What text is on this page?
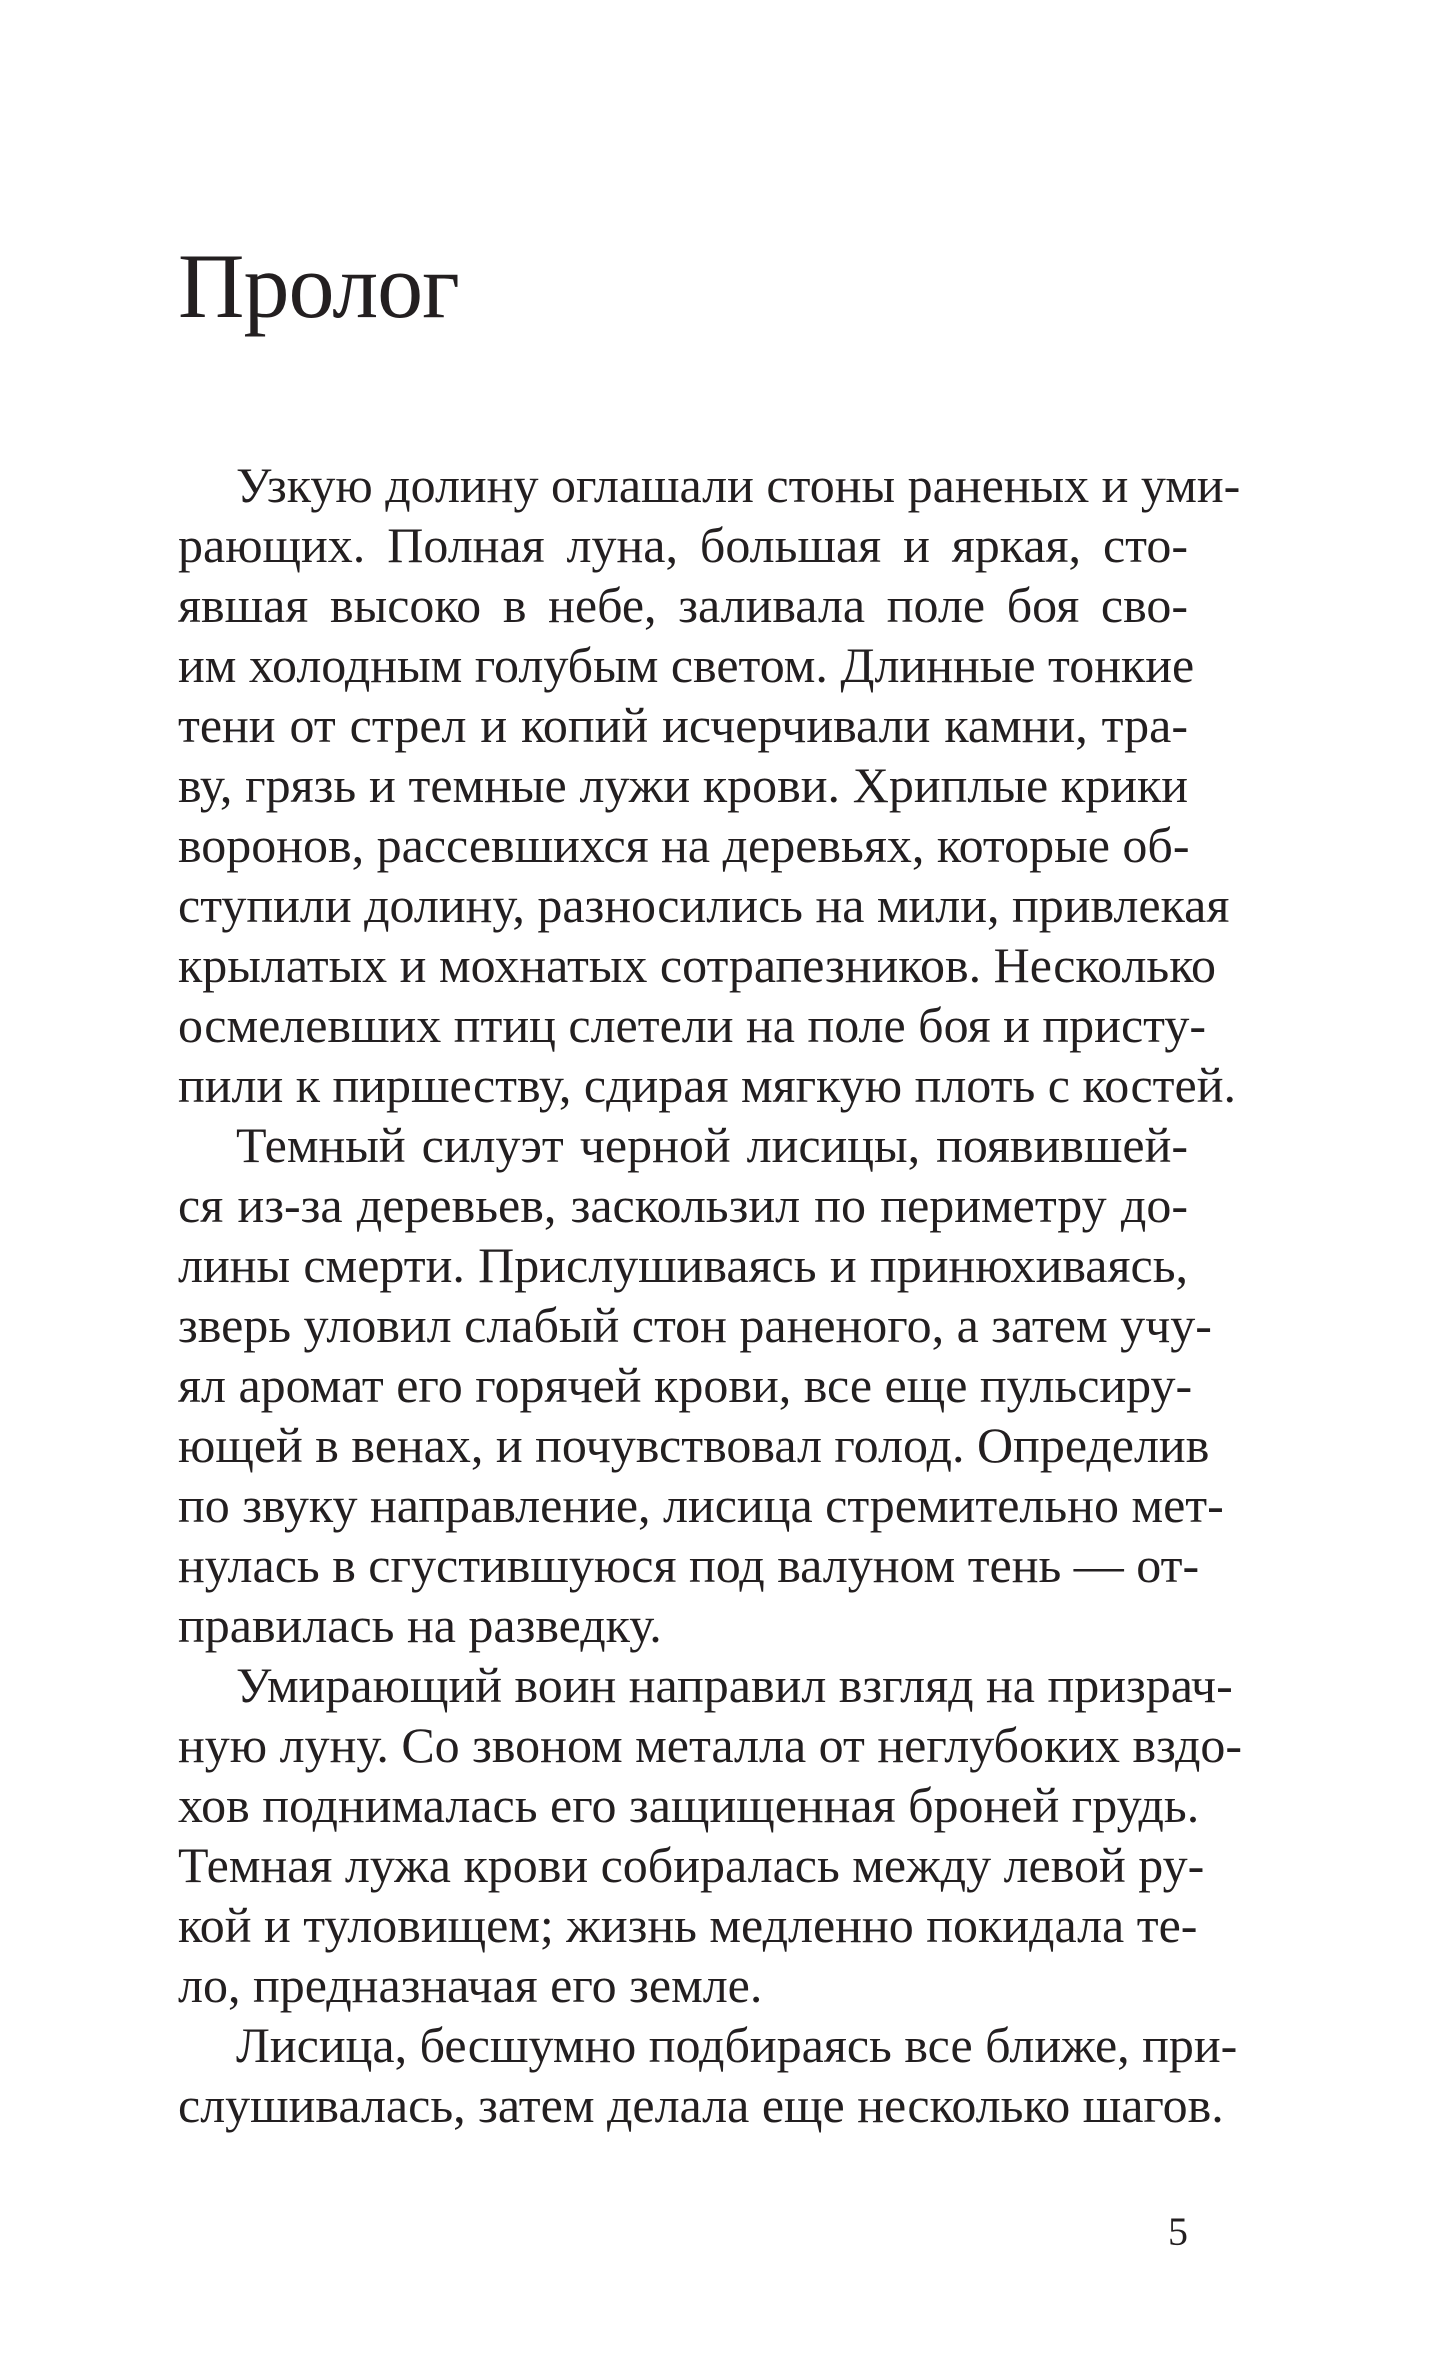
Пролог
Узкую долину оглашали стоны раненых и уми-
рающих. Полная луна, большая и яркая, сто-
явшая высоко в небе, заливала поле боя сво-
им холодным голубым светом. Длинные тонкие
тени от стрел и копий исчерчивали камни, тра-
ву, грязь и темные лужи крови. Хриплые крики
воронов, рассевшихся на деревьях, которые об-
ступили долину, разносились на мили, привлекая
крылатых и мохнатых сотрапезников. Несколько
осмелевших птиц слетели на поле боя и присту-
пили к пиршеству, сдирая мягкую плоть с костей.
Темный силуэт черной лисицы, появившей-
ся из-за деревьев, заскользил по периметру до-
лины смерти. Прислушиваясь и принюхиваясь,
зверь уловил слабый стон раненого, а затем учу-
ял аромат его горячей крови, все еще пульсиру-
ющей в венах, и почувствовал голод. Определив
по звуку направление, лисица стремительно мет-
нулась в сгустившуюся под валуном тень — от-
правилась на разведку.
Умирающий воин направил взгляд на призрач-
ную луну. Со звоном металла от неглубоких вздо-
хов поднималась его защищенная броней грудь.
Темная лужа крови собиралась между левой ру-
кой и туловищем; жизнь медленно покидала те-
ло, предназначая его земле.
Лисица, бесшумно подбираясь все ближе, при-
слушивалась, затем делала еще несколько шагов.
5
